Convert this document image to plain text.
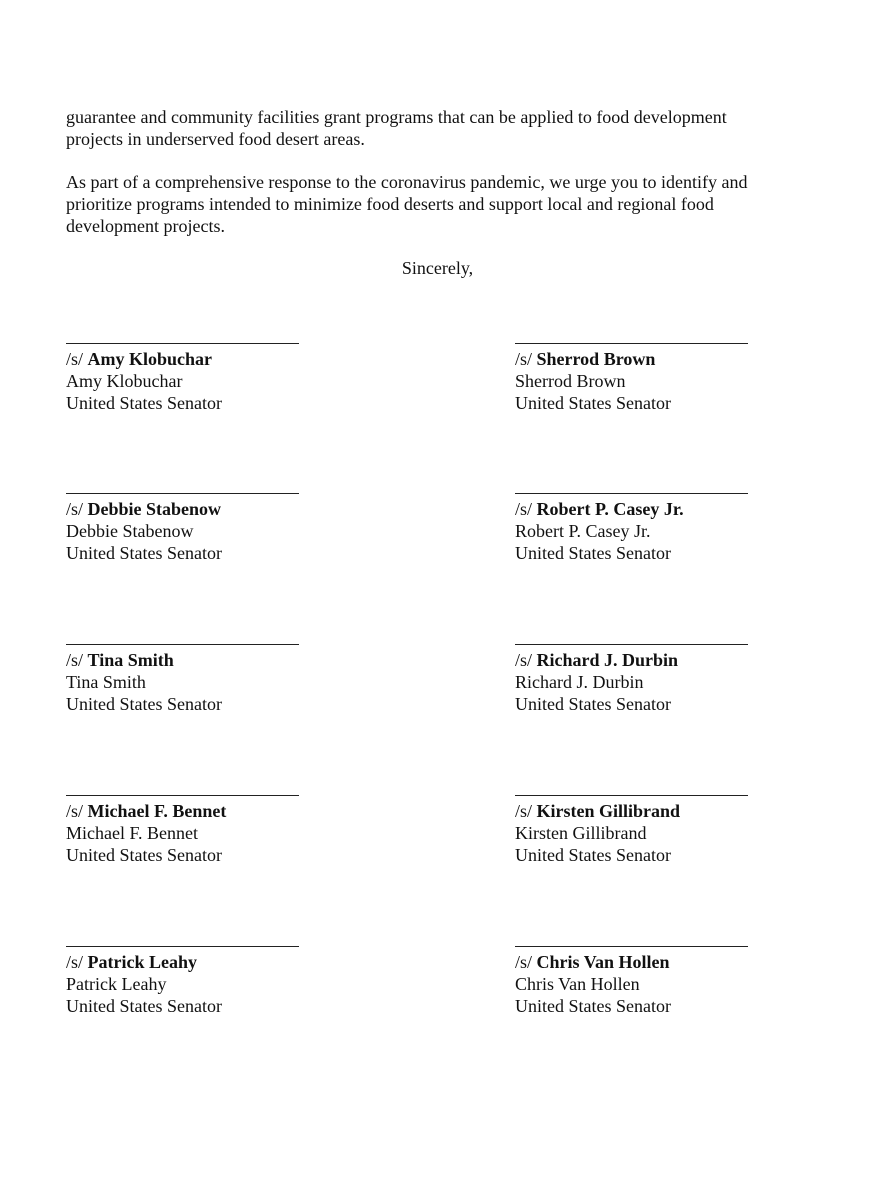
guarantee and community facilities grant programs that can be applied to food development projects in underserved food desert areas.

As part of a comprehensive response to the coronavirus pandemic, we urge you to identify and prioritize programs intended to minimize food deserts and support local and regional food development projects.

Sincerely,
/s/ Amy Klobuchar
Amy Klobuchar
United States Senator
/s/ Debbie Stabenow
Debbie Stabenow
United States Senator
/s/ Tina Smith
Tina Smith
United States Senator
/s/ Michael F. Bennet
Michael F. Bennet
United States Senator
/s/ Patrick Leahy
Patrick Leahy
United States Senator
/s/ Sherrod Brown
Sherrod Brown
United States Senator
/s/ Robert P. Casey Jr.
Robert P. Casey Jr.
United States Senator
/s/ Richard J. Durbin
Richard J. Durbin
United States Senator
/s/ Kirsten Gillibrand
Kirsten Gillibrand
United States Senator
/s/ Chris Van Hollen
Chris Van Hollen
United States Senator
